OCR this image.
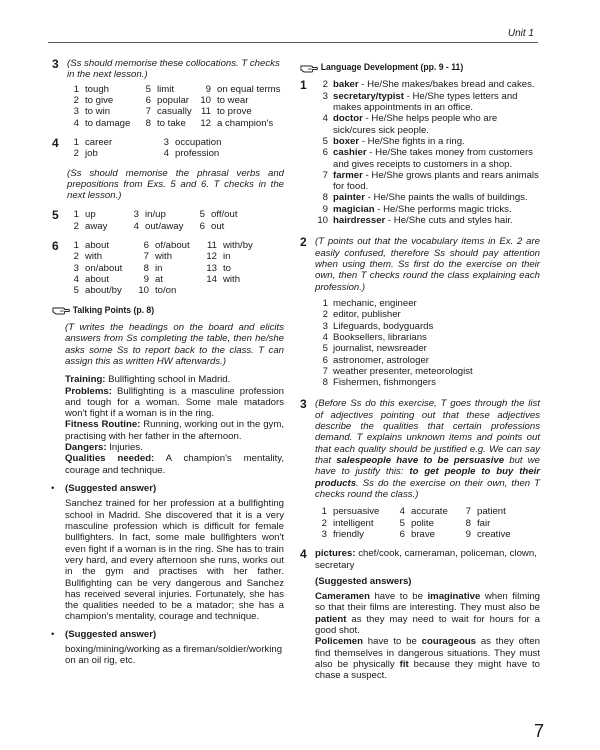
Unit 1
3 (Ss should memorise these collocations. T checks in the next lesson.)
1 tough	5 limit	9 on equal terms
2 to give	6 popular 10 to wear
3 to win	7 casually 11 to prove
4 to damage	8 to take 12 a champion's
4	1 career	3 occupation
2 job	4 profession
(Ss should memorise the phrasal verbs and prepositions from Exs. 5 and 6. T checks in the next lesson.)
5	1 up	3 in/up	5 off/out
2 away	4 out/away	6 out
6	1 about	6 of/about 11 with/by
2 with	7 with	12 in
3 on/about	8 in	13 to
4 about	9 at	14 with
5 about/by 10 to/on
Talking Points (p. 8)
(T writes the headings on the board and elicits answers from Ss completing the table, then he/she asks some Ss to report back to the class. T can assign this as written HW afterwards.)
Training: Bullfighting school in Madrid.
Problems: Bullfighting is a masculine profession and tough for a woman. Some male matadors won't fight if a woman is in the ring.
Fitness Routine: Running, working out in the gym, practising with her father in the afternoon.
Dangers: Injuries.
Qualities needed: A champion's mentality, courage and technique.
• (Suggested answer)
Sanchez trained for her profession at a bullfighting school in Madrid. She discovered that it is a very masculine profession which is difficult for female bullfighters. In fact, some male bullfighters won't even fight if a woman is in the ring. She has to train very hard, and every afternoon she runs, works out in the gym and practises with her father. Bullfighting can be very dangerous and Sanchez has received several injuries. Fortunately, she has the qualities needed to be a matador; she has a champion's mentality, courage and technique.
• (Suggested answer)
boxing/mining/working as a fireman/soldier/working on an oil rig, etc.
Language Development (pp. 9 - 11)
1	2 baker - He/She makes/bakes bread and cakes.
3 secretary/typist - He/She types letters and makes appointments in an office.
4 doctor - He/She helps people who are sick/cures sick people.
5 boxer - He/She fights in a ring.
6 cashier - He/She takes money from customers and gives receipts to customers in a shop.
7 farmer - He/She grows plants and rears animals for food.
8 painter - He/She paints the walls of buildings.
9 magician - He/She performs magic tricks.
10 hairdresser - He/She cuts and styles hair.
2 (T points out that the vocabulary items in Ex. 2 are easily confused, therefore Ss should pay attention when using them. Ss first do the exercise on their own, then T checks round the class explaining each profession.)
1 mechanic, engineer
2 editor, publisher
3 Lifeguards, bodyguards
4 Booksellers, librarians
5 journalist, newsreader
6 astronomer, astrologer
7 weather presenter, meteorologist
8 Fishermen, fishmongers
3 (Before Ss do this exercise, T goes through the list of adjectives pointing out that these adjectives describe the qualities that certain professions demand. T explains unknown items and points out that each quality should be justified e.g. We can say that salespeople have to be persuasive but we have to justify this: to get people to buy their products. Ss do the exercise on their own, then T checks round the class.)
1 persuasive	4 accurate	7 patient
2 intelligent	5 polite	8 fair
3 friendly	6 brave	9 creative
4 pictures: chef/cook, cameraman, policeman, clown, secretary
(Suggested answers)
Cameramen have to be imaginative when filming so that their films are interesting. They must also be patient as they may need to wait for hours for a good shot.
Policemen have to be courageous as they often find themselves in dangerous situations. They must also be physically fit because they might have to chase a suspect.
7
